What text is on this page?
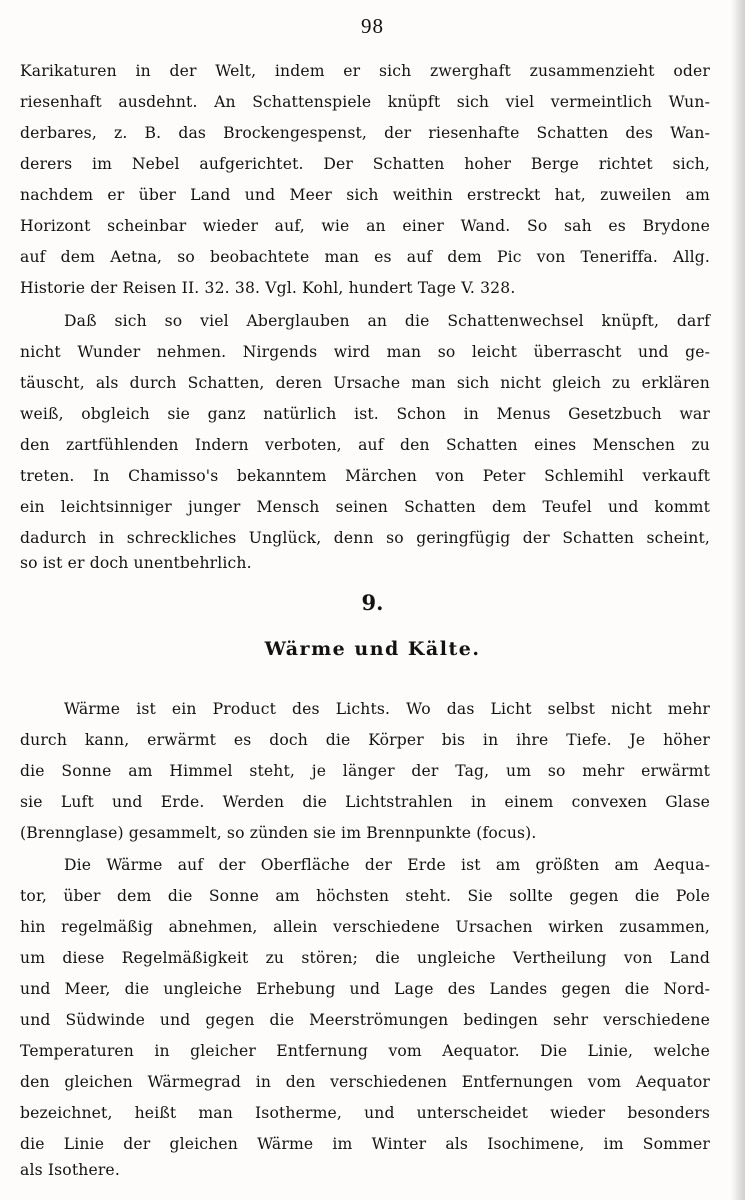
98
Karikaturen in der Welt, indem er sich zwerghaft zusammenzieht oder
riesenhaft ausdehnt. An Schattenspiele knüpft sich viel vermeintlich Wun-
derbares, z. B. das Brockengespenst, der riesenhafte Schatten des Wan-
derers im Nebel aufgerichtet. Der Schatten hoher Berge richtet sich,
nachdem er über Land und Meer sich weithin erstreckt hat, zuweilen am
Horizont scheinbar wieder auf, wie an einer Wand. So sah es Brydone
auf dem Aetna, so beobachtete man es auf dem Pic von Teneriffa. Allg.
Historie der Reisen II. 32. 38. Vgl. Kohl, hundert Tage V. 328.
Daß sich so viel Aberglauben an die Schattenwechsel knüpft, darf
nicht Wunder nehmen. Nirgends wird man so leicht überrascht und ge-
täuscht, als durch Schatten, deren Ursache man sich nicht gleich zu erklären
weiß, obgleich sie ganz natürlich ist. Schon in Menus Gesetzbuch war
den zartfühlenden Indern verboten, auf den Schatten eines Menschen zu
treten. In Chamisso's bekanntem Märchen von Peter Schlemihl verkauft
ein leichtsinniger junger Mensch seinen Schatten dem Teufel und kommt
dadurch in schreckliches Unglück, denn so geringfügig der Schatten scheint,
so ist er doch unentbehrlich.
9.
Wärme und Kälte.
Wärme ist ein Product des Lichts. Wo das Licht selbst nicht mehr
durch kann, erwärmt es doch die Körper bis in ihre Tiefe. Je höher
die Sonne am Himmel steht, je länger der Tag, um so mehr erwärmt
sie Luft und Erde. Werden die Lichtstrahlen in einem convexen Glase
(Brennglase) gesammelt, so zünden sie im Brennpunkte (focus).
Die Wärme auf der Oberfläche der Erde ist am größten am Aequa-
tor, über dem die Sonne am höchsten steht. Sie sollte gegen die Pole
hin regelmäßig abnehmen, allein verschiedene Ursachen wirken zusammen,
um diese Regelmäßigkeit zu stören; die ungleiche Vertheilung von Land
und Meer, die ungleiche Erhebung und Lage des Landes gegen die Nord-
und Südwinde und gegen die Meerströmungen bedingen sehr verschiedene
Temperaturen in gleicher Entfernung vom Aequator. Die Linie, welche
den gleichen Wärmegrad in den verschiedenen Entfernungen vom Aequator
bezeichnet, heißt man Isotherme, und unterscheidet wieder besonders
die Linie der gleichen Wärme im Winter als Isochimene, im Sommer
als Isothere.
